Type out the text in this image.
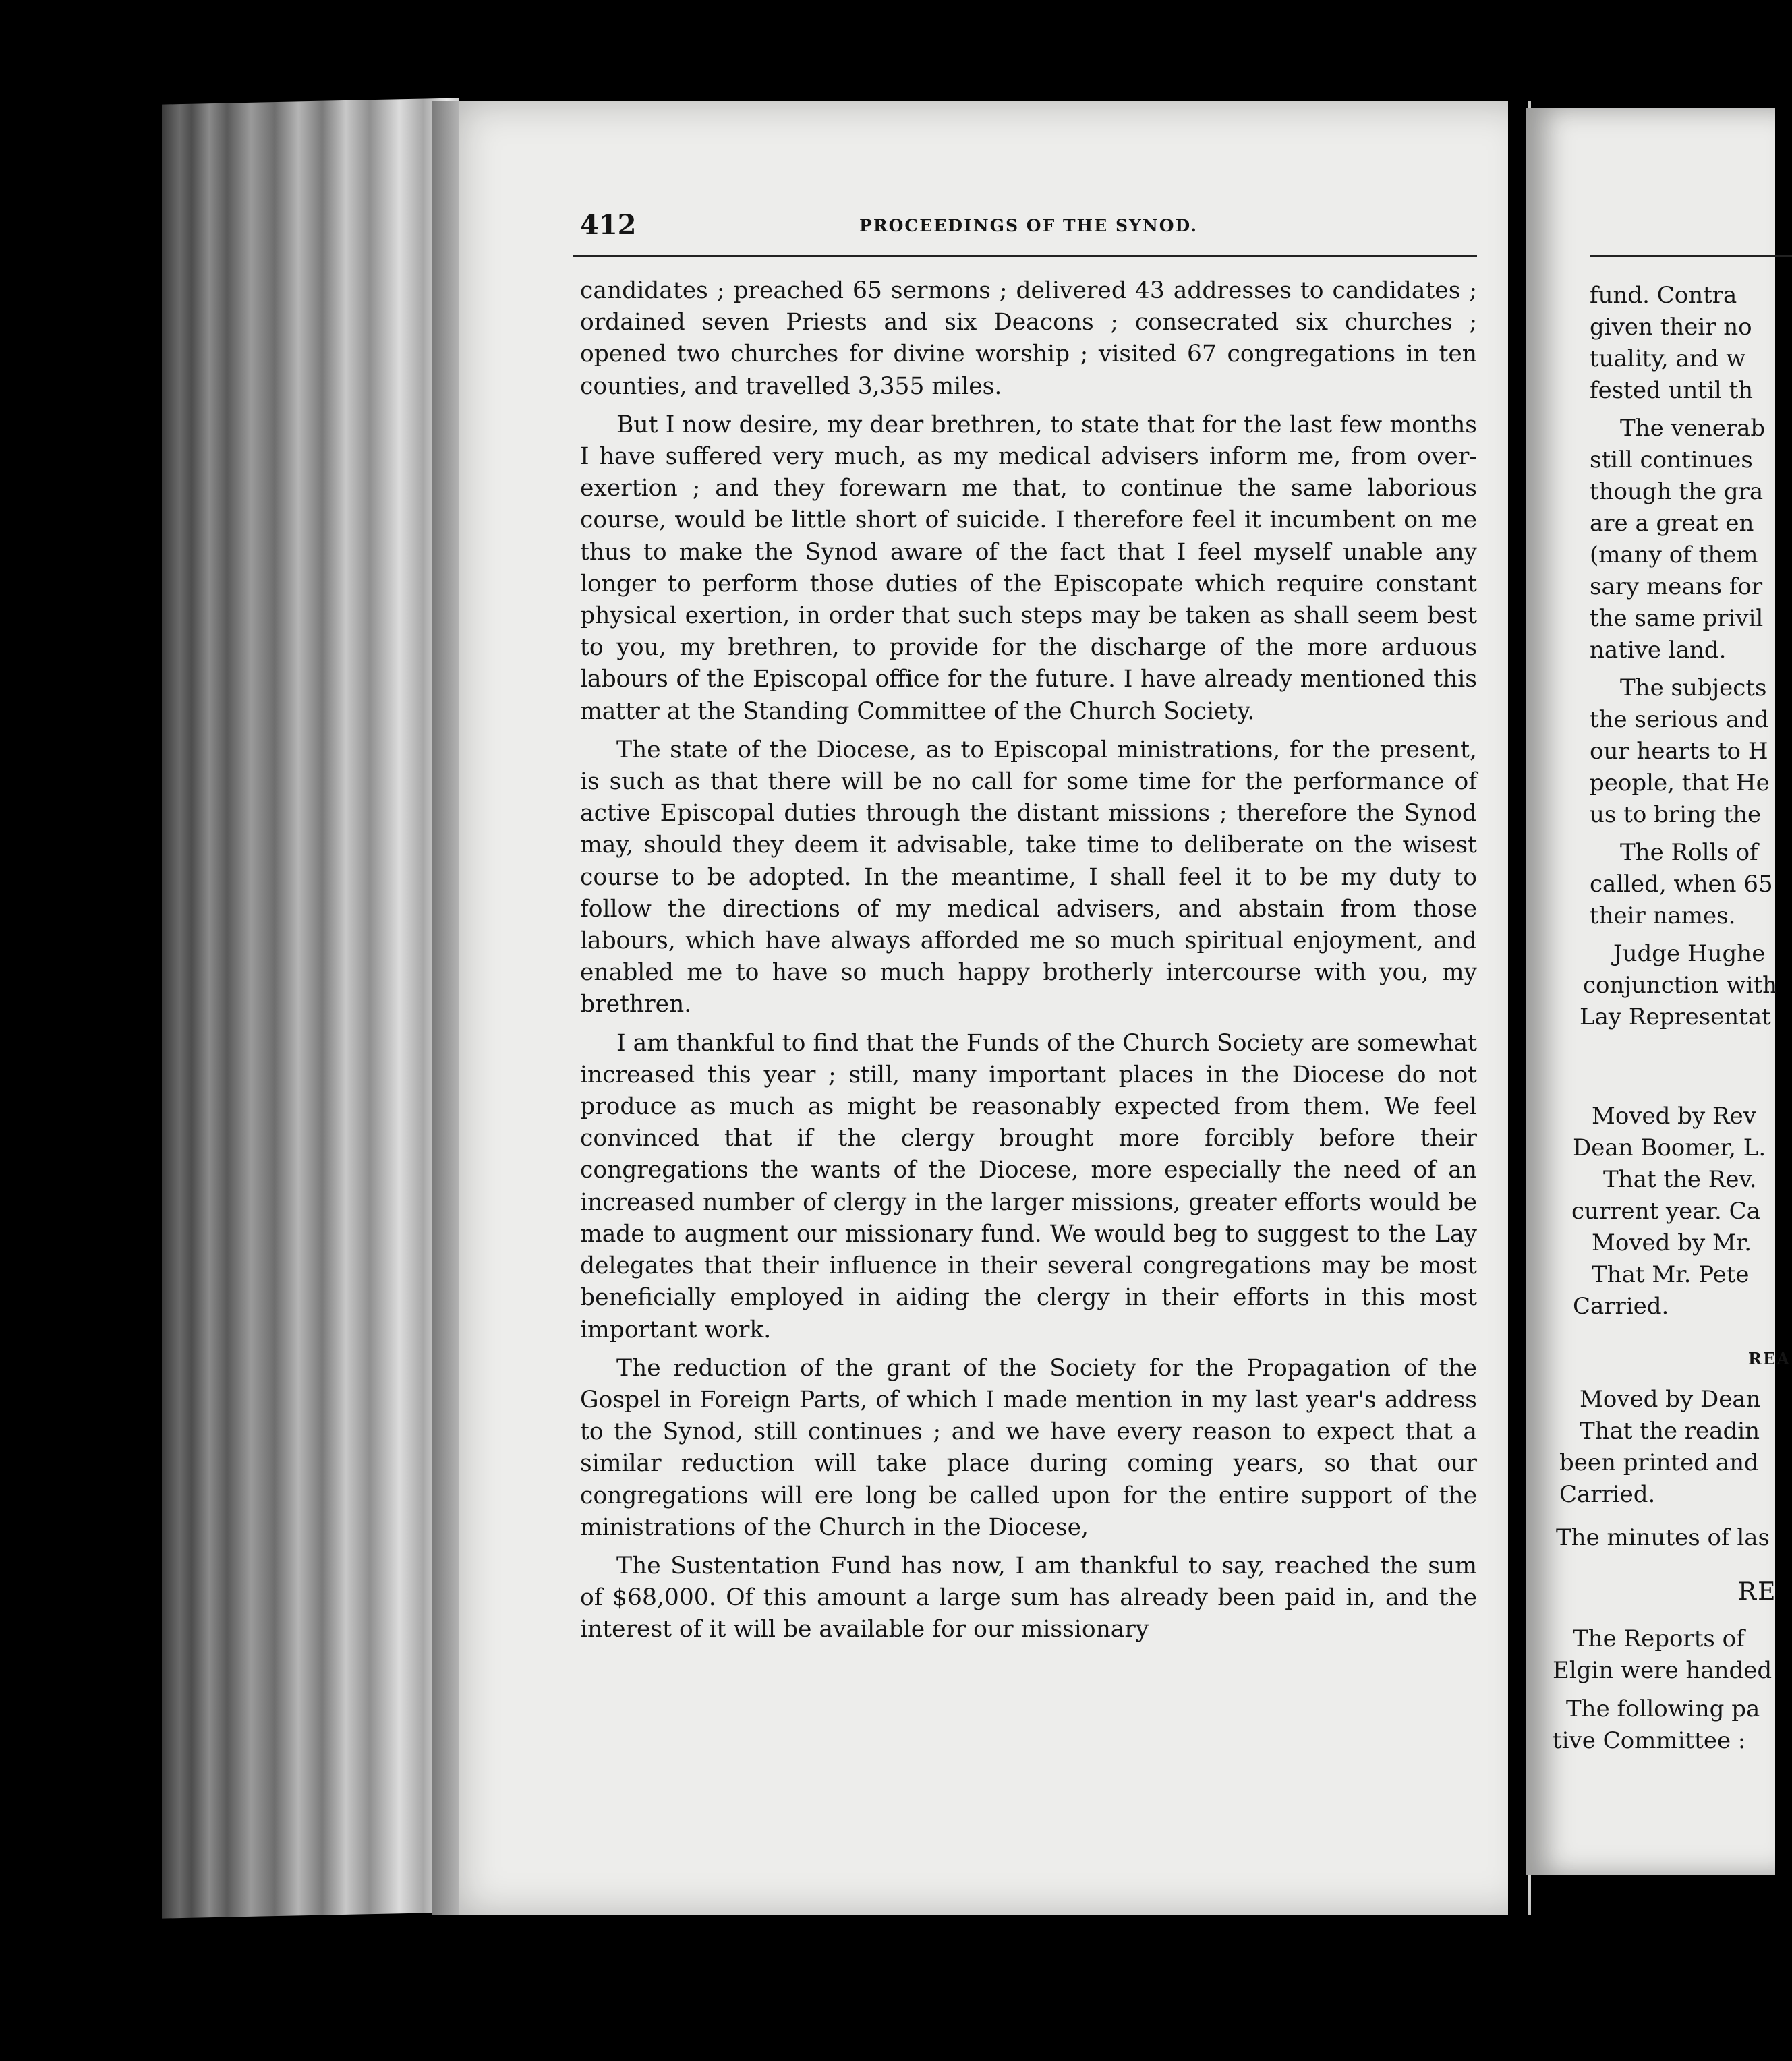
412	PROCEEDINGS OF THE SYNOD.

candidates ; preached 65 sermons ; delivered 43 addresses to candidates ; ordained seven Priests and six Deacons ; consecrated six churches ; opened two churches for divine worship ; visited 67 congregations in ten counties, and travelled 3,355 miles.

But I now desire, my dear brethren, to state that for the last few months I have suffered very much, as my medical advisers inform me, from over-exertion ; and they forewarn me that, to continue the same laborious course, would be little short of suicide. I therefore feel it incumbent on me thus to make the Synod aware of the fact that I feel myself unable any longer to perform those duties of the Episcopate which require constant physical exertion, in order that such steps may be taken as shall seem best to you, my brethren, to provide for the discharge of the more arduous labours of the Episcopal office for the future. I have already mentioned this matter at the Standing Committee of the Church Society.

The state of the Diocese, as to Episcopal ministrations, for the present, is such as that there will be no call for some time for the performance of active Episcopal duties through the distant missions ; therefore the Synod may, should they deem it advisable, take time to deliberate on the wisest course to be adopted. In the meantime, I shall feel it to be my duty to follow the directions of my medical advisers, and abstain from those labours, which have always afforded me so much spiritual enjoyment, and enabled me to have so much happy brotherly intercourse with you, my brethren.

I am thankful to find that the Funds of the Church Society are somewhat increased this year ; still, many important places in the Diocese do not produce as much as might be reasonably expected from them. We feel convinced that if the clergy brought more forcibly before their congregations the wants of the Diocese, more especially the need of an increased number of clergy in the larger missions, greater efforts would be made to augment our missionary fund. We would beg to suggest to the Lay delegates that their influence in their several congregations may be most beneficially employed in aiding the clergy in their efforts in this most important work.

The reduction of the grant of the Society for the Propagation of the Gospel in Foreign Parts, of which I made mention in my last year's address to the Synod, still continues ; and we have every reason to expect that a similar reduction will take place during coming years, so that our congregations will ere long be called upon for the entire support of the ministrations of the Church in the Diocese,

The Sustentation Fund has now, I am thankful to say, reached the sum of $68,000. Of this amount a large sum has already been paid in, and the interest of it will be available for our missionary

fund. Contra
given their no
tuality, and w
fested until th
The venerab
still continues
though the gra
are a great en
(many of them
sary means for
the same privil
native land.
The subjects
the serious and
our hearts to H
people, that He
us to bring the
The Rolls of
called, when 65
their names.
Judge Hughe
conjunction with
Lay Representat
Moved by Rev
Dean Boomer, L.
That the Rev.
current year. Ca
Moved by Mr.
That Mr. Pete
Carried.
REA
Moved by Dean
That the readin
been printed and
Carried.
The minutes of las
RE
The Reports of
Elgin were handed
The following pa
tive Committee :
